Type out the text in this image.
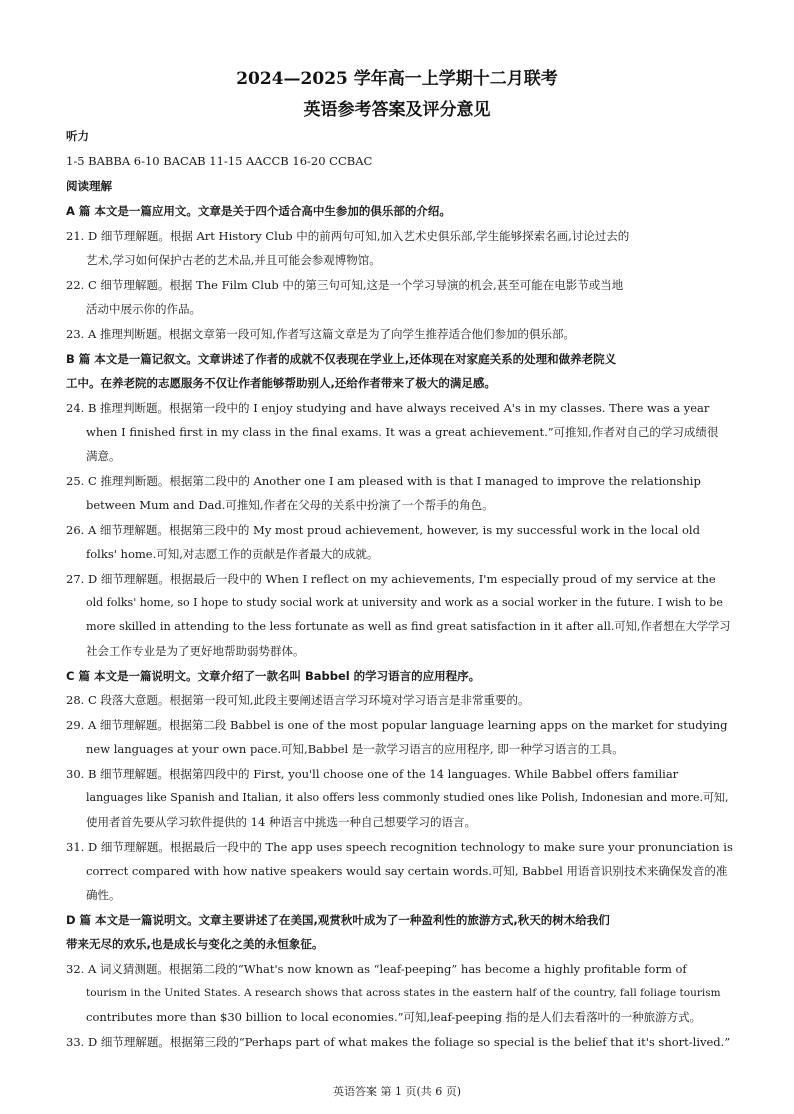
2024—2025 学年高一上学期十二月联考
英语参考答案及评分意见
听力
1-5 BABBA 6-10 BACAB 11-15 AACCB 16-20 CCBAC
阅读理解
A 篇 本文是一篇应用文。文章是关于四个适合高中生参加的俱乐部的介绍。
21. D 细节理解题。根据 Art History Club 中的前两句可知,加入艺术史俱乐部,学生能够探索名画,讨论过去的
艺术,学习如何保护古老的艺术品,并且可能会参观博物馆。
22. C 细节理解题。根据 The Film Club 中的第三句可知,这是一个学习导演的机会,甚至可能在电影节或当地
活动中展示你的作品。
23. A 推理判断题。根据文章第一段可知,作者写这篇文章是为了向学生推荐适合他们参加的俱乐部。
B 篇 本文是一篇记叙文。文章讲述了作者的成就不仅表现在学业上,还体现在对家庭关系的处理和做养老院义
工中。在养老院的志愿服务不仅让作者能够帮助别人,还给作者带来了极大的满足感。
24. B 推理判断题。根据第一段中的 I enjoy studying and have always received A's in my classes. There was a year
when I finished first in my class in the final exams. It was a great achievement.”可推知,作者对自己的学习成绩很
满意。
25. C 推理判断题。根据第二段中的 Another one I am pleased with is that I managed to improve the relationship
between Mum and Dad.可推知,作者在父母的关系中扮演了一个帮手的角色。
26. A 细节理解题。根据第三段中的 My most proud achievement, however, is my successful work in the local old
folks' home.可知,对志愿工作的贡献是作者最大的成就。
27. D 细节理解题。根据最后一段中的 When I reflect on my achievements, I'm especially proud of my service at the
old folks' home, so I hope to study social work at university and work as a social worker in the future. I wish to be
more skilled in attending to the less fortunate as well as find great satisfaction in it after all.可知,作者想在大学学习
社会工作专业是为了更好地帮助弱势群体。
C 篇 本文是一篇说明文。文章介绍了一款名叫 Babbel 的学习语言的应用程序。
28. C 段落大意题。根据第一段可知,此段主要阐述语言学习环境对学习语言是非常重要的。
29. A 细节理解题。根据第二段 Babbel is one of the most popular language learning apps on the market for studying
new languages at your own pace.可知,Babbel 是一款学习语言的应用程序, 即一种学习语言的工具。
30. B 细节理解题。根据第四段中的 First, you'll choose one of the 14 languages. While Babbel offers familiar
languages like Spanish and Italian, it also offers less commonly studied ones like Polish, Indonesian and more.可知,
使用者首先要从学习软件提供的 14 种语言中挑选一种自己想要学习的语言。
31. D 细节理解题。根据最后一段中的 The app uses speech recognition technology to make sure your pronunciation is
correct compared with how native speakers would say certain words.可知, Babbel 用语音识别技术来确保发音的准
确性。
D 篇 本文是一篇说明文。文章主要讲述了在美国,观赏秋叶成为了一种盈利性的旅游方式,秋天的树木给我们
带来无尽的欢乐,也是成长与变化之美的永恒象征。
32. A 词义猜测题。根据第二段的“What's now known as “leaf-peeping” has become a highly profitable form of
tourism in the United States. A research shows that across states in the eastern half of the country, fall foliage tourism
contributes more than $30 billion to local economies.”可知,leaf-peeping 指的是人们去看落叶的一种旅游方式。
33. D 细节理解题。根据第三段的“Perhaps part of what makes the foliage so special is the belief that it's short-lived.”
英语答案 第 1 页(共 6 页)
